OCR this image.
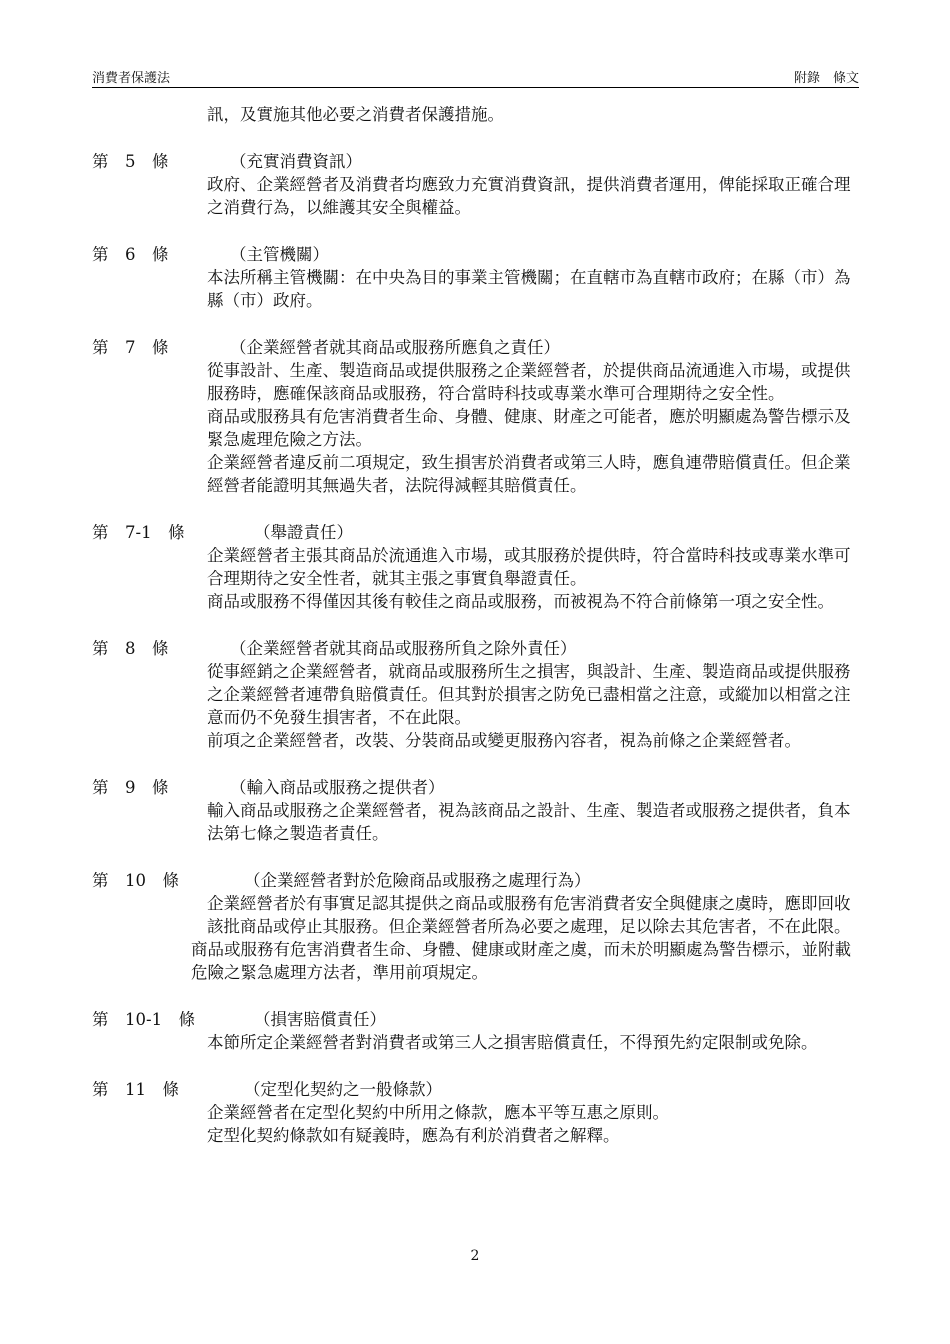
消費者保護法	附錄　條文
訊，及實施其他必要之消費者保護措施。
第　5　條	（充實消費資訊）
政府、企業經營者及消費者均應致力充實消費資訊，提供消費者運用，俾能採取正確合理之消費行為，以維護其安全與權益。
第　6　條	（主管機關）
本法所稱主管機關：在中央為目的事業主管機關；在直轄市為直轄市政府；在縣（市）為縣（市）政府。
第　7　條	（企業經營者就其商品或服務所應負之責任）
從事設計、生產、製造商品或提供服務之企業經營者，於提供商品流通進入市場，或提供服務時，應確保該商品或服務，符合當時科技或專業水準可合理期待之安全性。
商品或服務具有危害消費者生命、身體、健康、財產之可能者，應於明顯處為警告標示及緊急處理危險之方法。
企業經營者違反前二項規定，致生損害於消費者或第三人時，應負連帶賠償責任。但企業經營者能證明其無過失者，法院得減輕其賠償責任。
第　7-1　條	（舉證責任）
企業經營者主張其商品於流通進入市場，或其服務於提供時，符合當時科技或專業水準可合理期待之安全性者，就其主張之事實負舉證責任。
商品或服務不得僅因其後有較佳之商品或服務，而被視為不符合前條第一項之安全性。
第　8　條	（企業經營者就其商品或服務所負之除外責任）
從事經銷之企業經營者，就商品或服務所生之損害，與設計、生產、製造商品或提供服務之企業經營者連帶負賠償責任。但其對於損害之防免已盡相當之注意，或縱加以相當之注意而仍不免發生損害者，不在此限。
前項之企業經營者，改裝、分裝商品或變更服務內容者，視為前條之企業經營者。
第　9　條	（輸入商品或服務之提供者）
輸入商品或服務之企業經營者，視為該商品之設計、生產、製造者或服務之提供者，負本法第七條之製造者責任。
第　10　條	（企業經營者對於危險商品或服務之處理行為）
企業經營者於有事實足認其提供之商品或服務有危害消費者安全與健康之虞時，應即回收該批商品或停止其服務。但企業經營者所為必要之處理，足以除去其危害者，不在此限。
商品或服務有危害消費者生命、身體、健康或財產之虞，而未於明顯處為警告標示，並附載危險之緊急處理方法者，準用前項規定。
第　10-1　條	（損害賠償責任）
本節所定企業經營者對消費者或第三人之損害賠償責任，不得預先約定限制或免除。
第　11　條	（定型化契約之一般條款）
企業經營者在定型化契約中所用之條款，應本平等互惠之原則。
定型化契約條款如有疑義時，應為有利於消費者之解釋。
2
